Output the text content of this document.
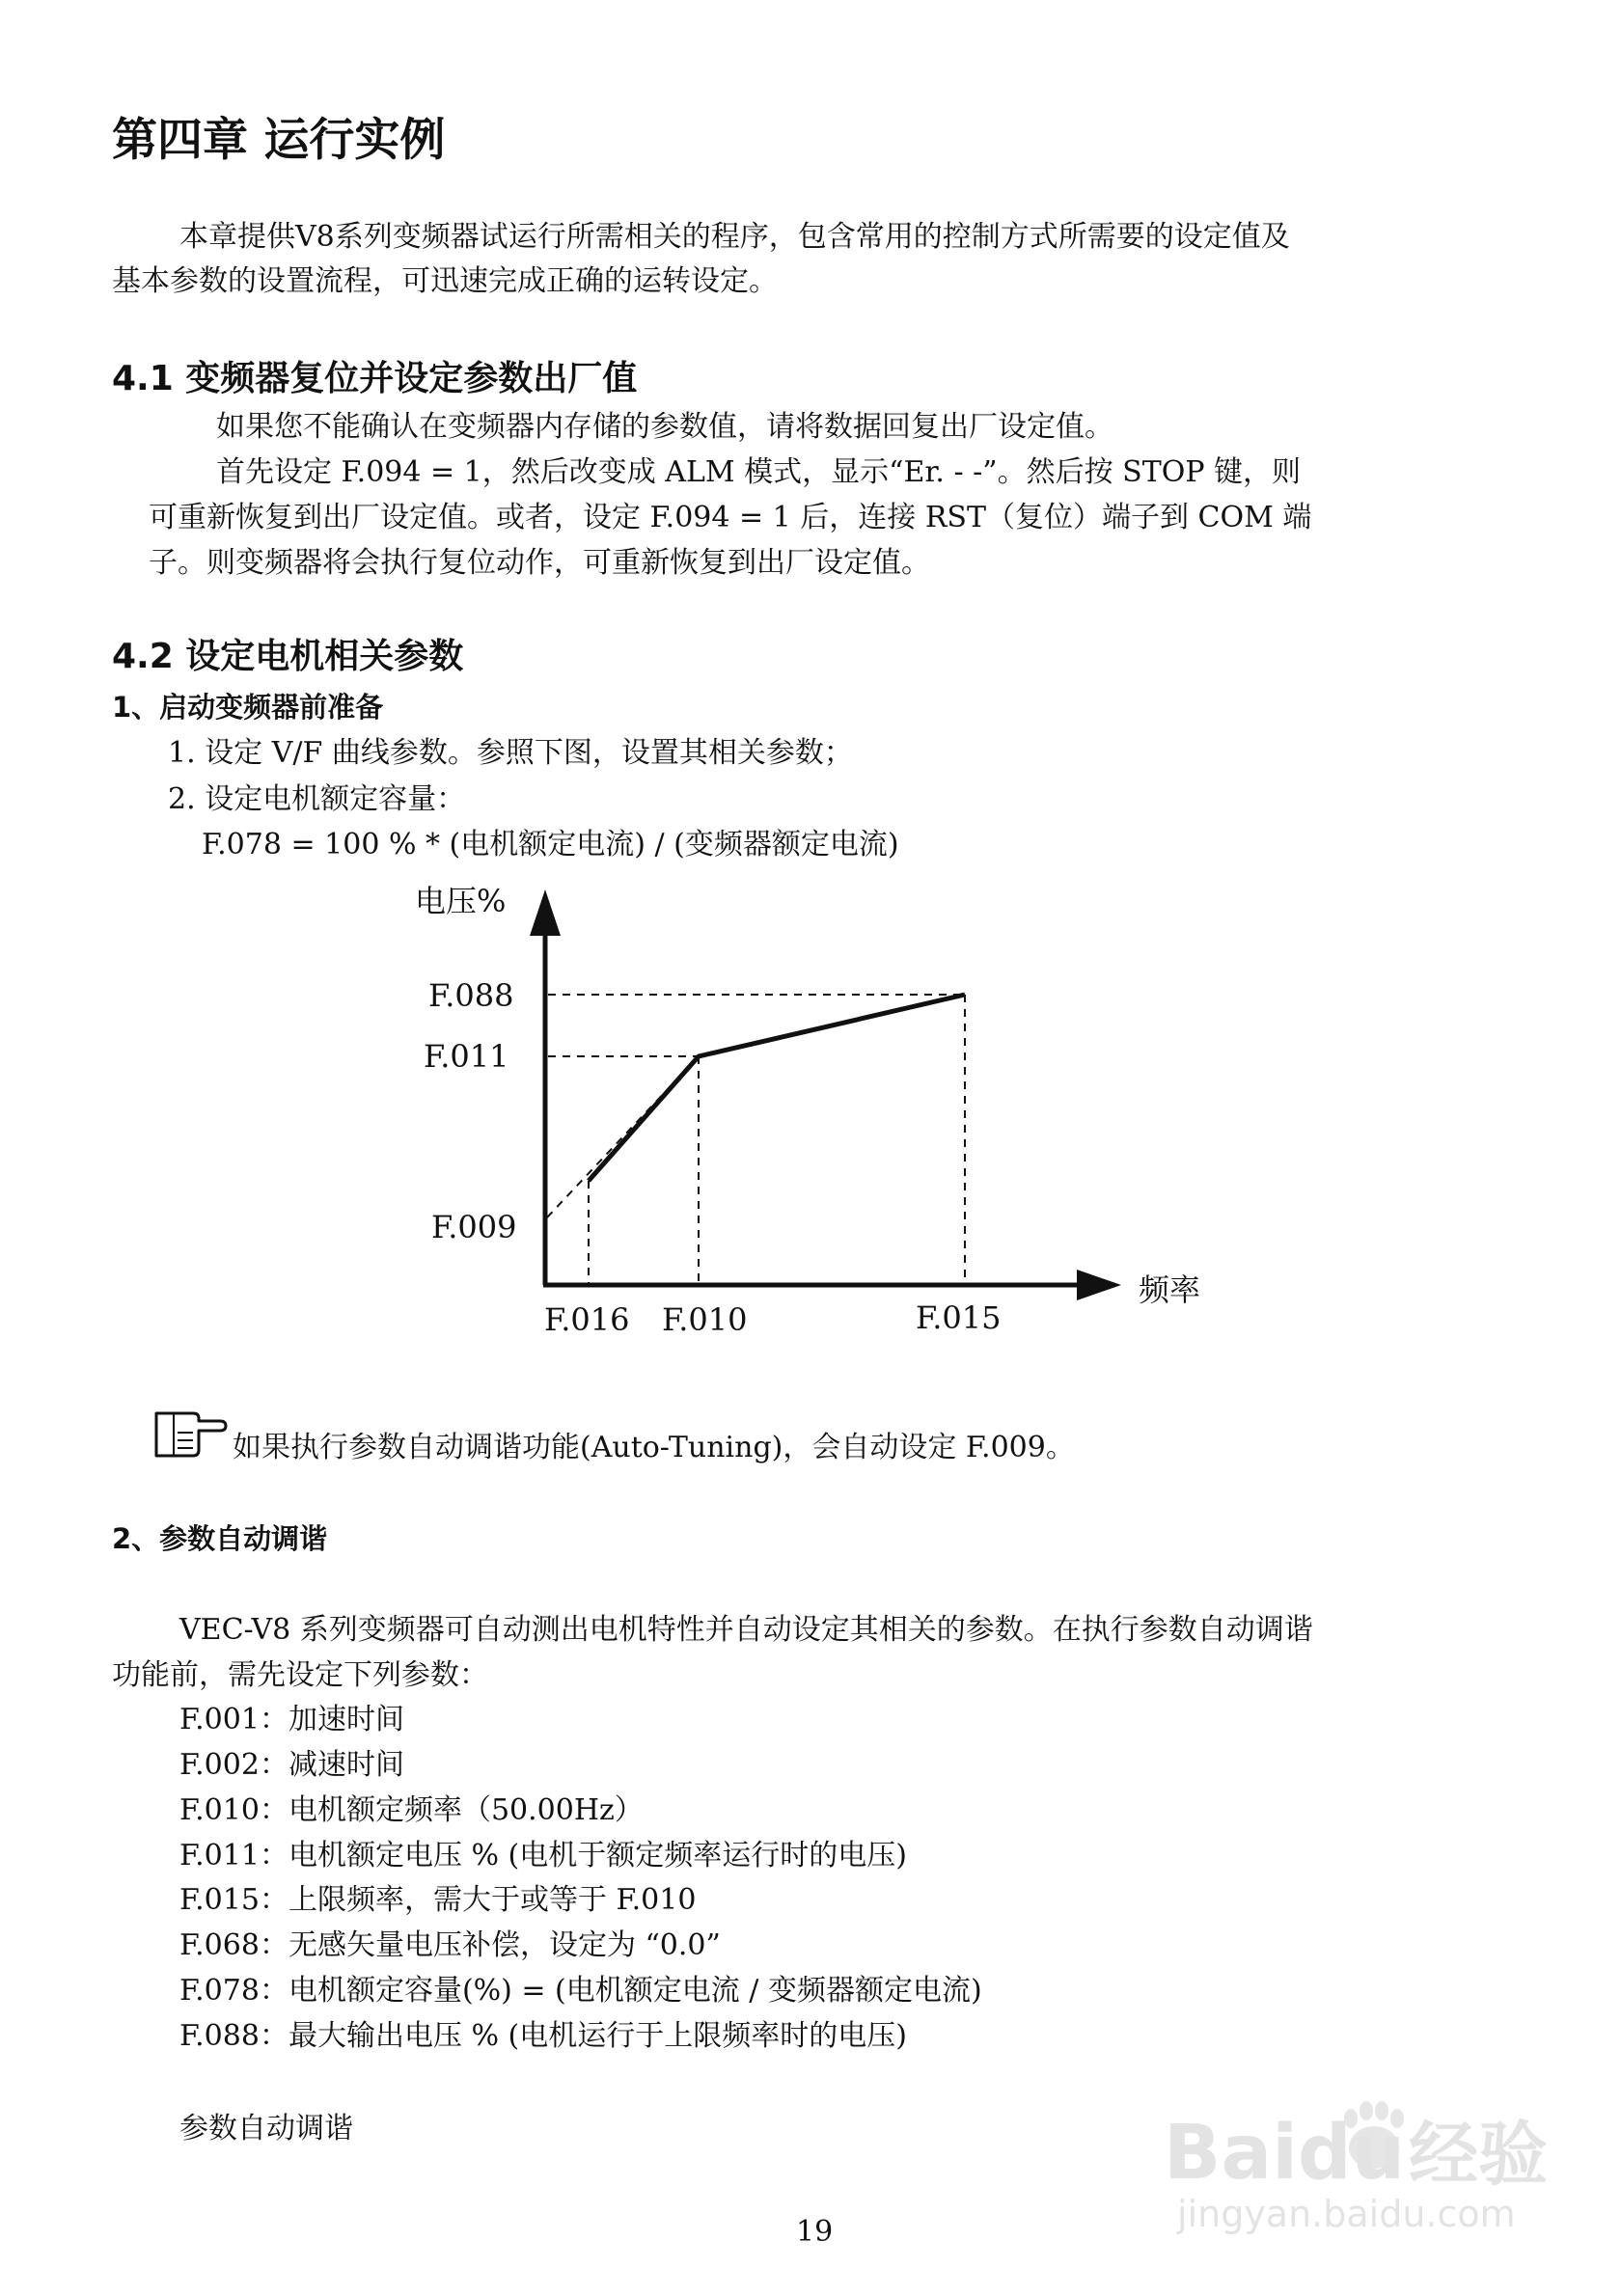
第四章 运行实例
本章提供V8系列变频器试运行所需相关的程序，包含常用的控制方式所需要的设定值及
基本参数的设置流程，可迅速完成正确的运转设定。
4.1 变频器复位并设定参数出厂值
如果您不能确认在变频器内存储的参数值，请将数据回复出厂设定值。
首先设定 F.094 = 1，然后改变成 ALM 模式，显示“Er. - -”。然后按 STOP 键，则
可重新恢复到出厂设定值。或者，设定 F.094 = 1 后，连接 RST（复位）端子到 COM 端
子。则变频器将会执行复位动作，可重新恢复到出厂设定值。
4.2 设定电机相关参数
1、启动变频器前准备
1. 设定 V/F 曲线参数。参照下图，设置其相关参数；
2. 设定电机额定容量：
F.078 = 100 % * (电机额定电流) / (变频器额定电流)
电压%
F.088
F.011
F.009
F.016 F.010	F.015
频率
如果执行参数自动调谐功能(Auto-Tuning)，会自动设定 F.009。
2、参数自动调谐
VEC-V8 系列变频器可自动测出电机特性并自动设定其相关的参数。在执行参数自动调谐
功能前，需先设定下列参数：
F.001：加速时间
F.002：减速时间
F.010：电机额定频率（50.00Hz）
F.011：电机额定电压 % (电机于额定频率运行时的电压)
F.015：上限频率，需大于或等于 F.010
F.068：无感矢量电压补偿，设定为 “0.0”
F.078：电机额定容量(%) = (电机额定电流 / 变频器额定电流)
F.088：最大输出电压 % (电机运行于上限频率时的电压)
参数自动调谐
19
Baidu 经验
jingyan.baidu.com
